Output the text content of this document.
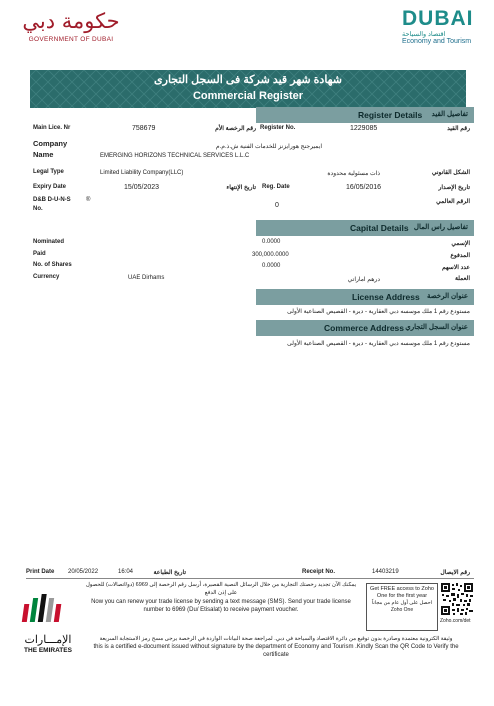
حكومة دبي
GOVERNMENT OF DUBAI
DUBAI
اقتصاد والسياحة
Economy and Tourism
شهادة شهر قيد شركة فى السجل التجارى
Commercial Register
Register Details تفاصيل القيد
Main Lice. Nr	758679	رقم الرخصة الأم Register No.	1229085	رقم القيد
Company
Name
ايميرجنج هورايزنز للخدمات الفنية ش.ذ.م.م
EMERGING HORIZONS TECHNICAL SERVICES L.L.C
Legal Type	Limited Liability Company(LLC)	ذات مسئولية محدودة	الشكل القانوني
Expiry Date	15/05/2023	تاريخ الإنتهاء Reg. Date	16/05/2016	تاريخ الإصدار
D&B D-U-N-S
No.
®
0	الرقم العالمي
Capital Details تفاصيل راس المال
Nominated	0.0000	الإسمي
Paid	300,000.0000	المدفوع
No. of Shares	0.0000	عدد الاسهم
Currency	UAE Dirhams	درهم اماراتي	العملة
License Address عنوان الرخصة
مستودع رقم 1 ملك موسسه دبي العقارية - ديرة - القصيص الصناعية الأولى
Commerce Address عنوان السجل التجاري
مستودع رقم 1 ملك موسسه دبي العقارية - ديرة - القصيص الصناعية الأولى
Print Date 20/05/2022	16:04	تاريخ الطباعة	Receipt No.	14403219	رقم الايصال
الإمـــارات
THE EMIRATES
يمكنك الآن تجديد رخصتك التجارية من خلال الرسائل النصية القصيرة، أرسل رقم الرخصة إلى 6969 (دو/اتصالات) للحصول على إذن الدفع
Now you can renew your trade license by sending a text message (SMS). Send your trade license number to 6969 (Du/ Etisalat) to receive payment voucher.
Get FREE access to Zoho One for the first year
احصل على أول عام من مجاناً Zoho One
Zoho.com/det
وثيقة الكترونية معتمدة وصادرة بدون توقيع من دائرة الاقتصاد والسياحة في دبي. لمراجعة صحة البيانات الواردة في الرخصة يرجى مسح رمز الاستجابة السريعة
this is a certified e-document issued without signature by the department of Economy and Tourism .Kindly Scan the QR Code to Verify the certificate
